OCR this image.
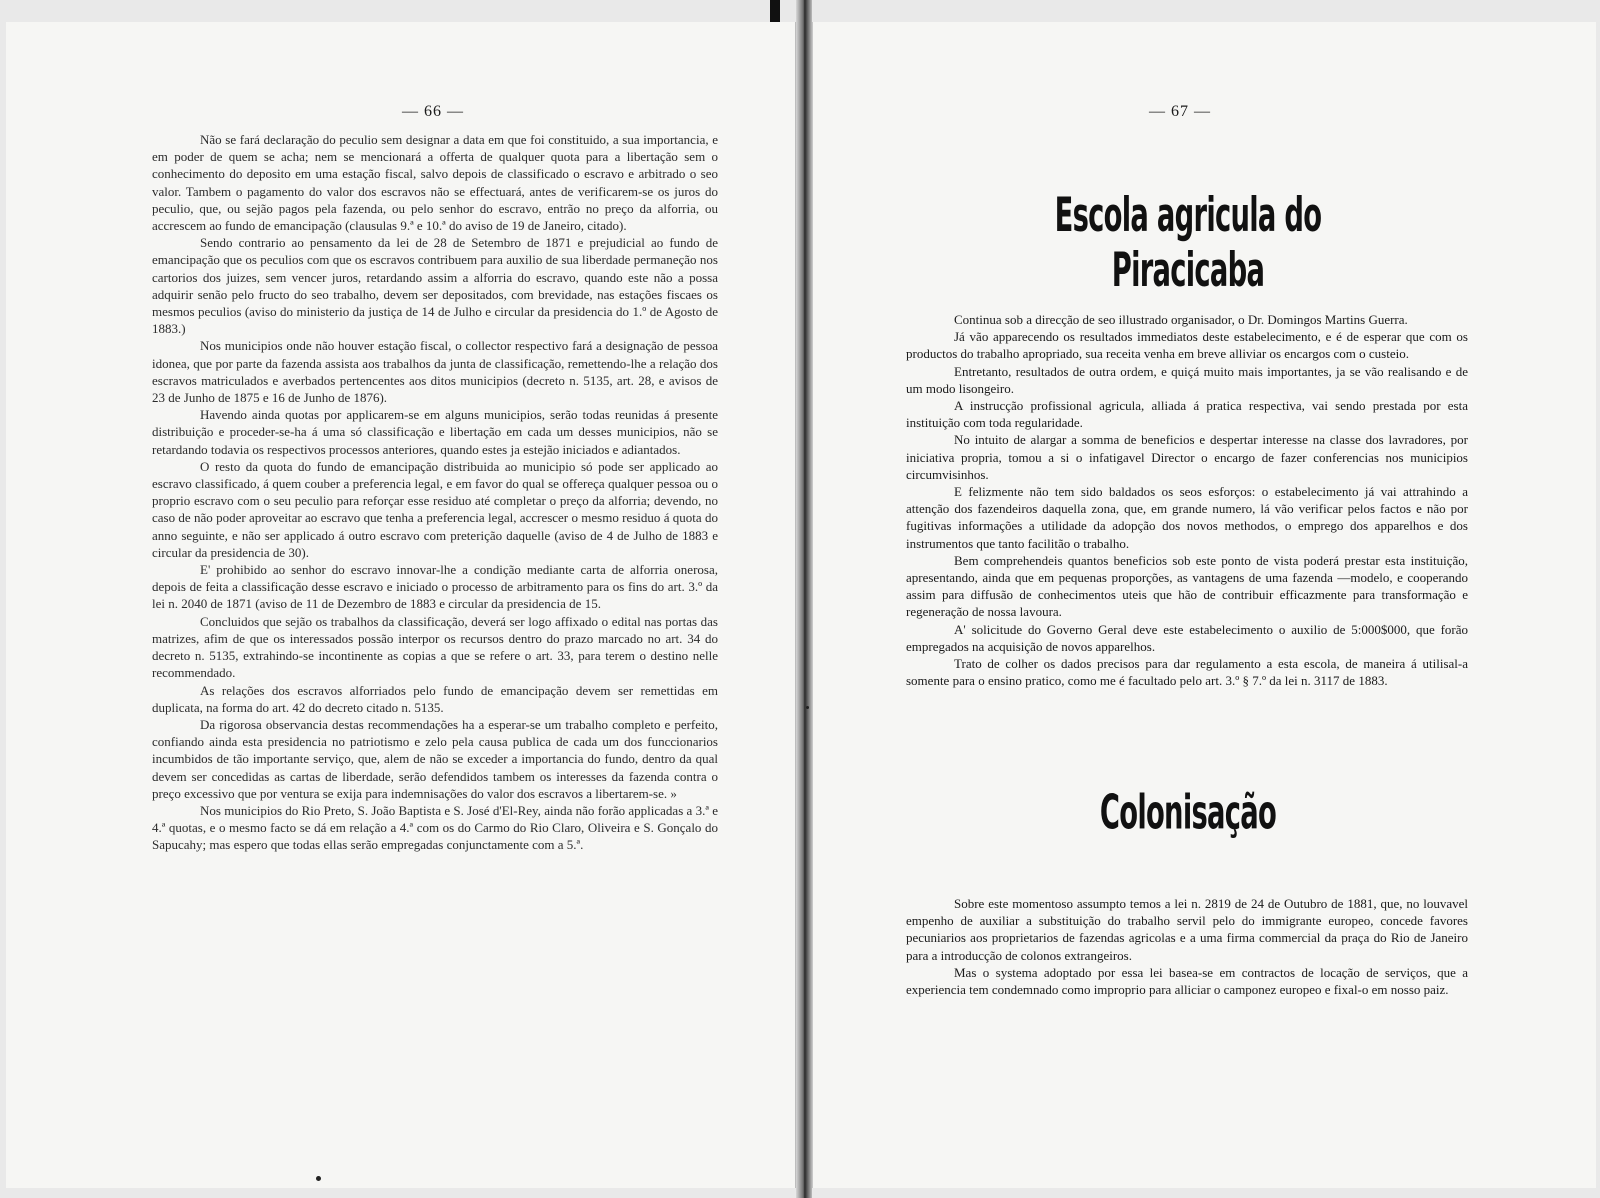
— 66 —	— 67 —

Não se fará declaração do peculio sem designar a data em que foi constituido, a sua importancia, e em poder de quem se acha; nem se mencionará a offerta de qualquer quota para a libertação sem o conhecimento do deposito em uma estação fiscal, salvo depois de classificado o escravo e arbitrado o seo valor. Tambem o pagamento do valor dos escravos não se effectuará, antes de verificarem-se os juros do peculio, que, ou sejão pagos pela fazenda, ou pelo senhor do escravo, entrão no preço da alforria, ou accrescem ao fundo de emancipação (clausulas 9.ª e 10.ª do aviso de 19 de Janeiro, citado).

Sendo contrario ao pensamento da lei de 28 de Setembro de 1871 e prejudicial ao fundo de emancipação que os peculios com que os escravos contribuem para auxilio de sua liberdade permaneção nos cartorios dos juizes, sem vencer juros, retardando assim a alforria do escravo, quando este não a possa adquirir senão pelo fructo do seo trabalho, devem ser depositados, com brevidade, nas estações fiscaes os mesmos peculios (aviso do ministerio da justiça de 14 de Julho e circular da presidencia do 1.º de Agosto de 1883.)

Nos municipios onde não houver estação fiscal, o collector respectivo fará a designação de pessoa idonea, que por parte da fazenda assista aos trabalhos da junta de classificação, remettendo-lhe a relação dos escravos matriculados e averbados pertencentes aos ditos municipios (decreto n. 5135, art. 28, e avisos de 23 de Junho de 1875 e 16 de Junho de 1876).

Havendo ainda quotas por applicarem-se em alguns municipios, serão todas reunidas á presente distribuição e proceder-se-ha á uma só classificação e libertação em cada um desses municipios, não se retardando todavia os respectivos processos anteriores, quando estes ja estejão iniciados e adiantados.

O resto da quota do fundo de emancipação distribuida ao municipio só pode ser applicado ao escravo classificado, á quem couber a preferencia legal, e em favor do qual se offereça qualquer pessoa ou o proprio escravo com o seu peculio para reforçar esse residuo até completar o preço da alforria; devendo, no caso de não poder aproveitar ao escravo que tenha a preferencia legal, accrescer o mesmo residuo á quota do anno seguinte, e não ser applicado á outro escravo com preterição daquelle (aviso de 4 de Julho de 1883 e circular da presidencia de 30).

E' prohibido ao senhor do escravo innovar-lhe a condição mediante carta de alforria onerosa, depois de feita a classificação desse escravo e iniciado o processo de arbitramento para os fins do art. 3.º da lei n. 2040 de 1871 (aviso de 11 de Dezembro de 1883 e circular da presidencia de 15.

Concluidos que sejão os trabalhos da classificação, deverá ser logo affixado o edital nas portas das matrizes, afim de que os interessados possão interpor os recursos dentro do prazo marcado no art. 34 do decreto n. 5135, extrahindo-se incontinente as copias a que se refere o art. 33, para terem o destino nelle recommendado.

As relações dos escravos alforriados pelo fundo de emancipação devem ser remettidas em duplicata, na forma do art. 42 do decreto citado n. 5135.

Da rigorosa observancia destas recommendações ha a esperar-se um trabalho completo e perfeito, confiando ainda esta presidencia no patriotismo e zelo pela causa publica de cada um dos funccionarios incumbidos de tão importante serviço, que, alem de não se exceder a importancia do fundo, dentro da qual devem ser concedidas as cartas de liberdade, serão defendidos tambem os interesses da fazenda contra o preço excessivo que por ventura se exija para indemnisações do valor dos escravos a libertarem-se. »

Nos municipios do Rio Preto, S. João Baptista e S. José d'El-Rey, ainda não forão applicadas a 3.ª e 4.ª quotas, e o mesmo facto se dá em relação a 4.ª com os do Carmo do Rio Claro, Oliveira e S. Gonçalo do Sapucahy; mas espero que todas ellas serão empregadas conjunctamente com a 5.ª.

Escola agricula do Piracicaba

Continua sob a direcção de seo illustrado organisador, o Dr. Domingos Martins Guerra.

Já vão apparecendo os resultados immediatos deste estabelecimento, e é de esperar que com os productos do trabalho apropriado, sua receita venha em breve alliviar os encargos com o custeio.

Entretanto, resultados de outra ordem, e quiçá muito mais importantes, ja se vão realisando e de um modo lisongeiro.

A instrucção profissional agricula, alliada á pratica respectiva, vai sendo prestada por esta instituição com toda regularidade.

No intuito de alargar a somma de beneficios e despertar interesse na classe dos lavradores, por iniciativa propria, tomou a si o infatigavel Director o encargo de fazer conferencias nos municipios circumvisinhos.

E felizmente não tem sido baldados os seos esforços: o estabelecimento já vai attrahindo a attenção dos fazendeiros daquella zona, que, em grande numero, lá vão verificar pelos factos e não por fugitivas informações a utilidade da adopção dos novos methodos, o emprego dos apparelhos e dos instrumentos que tanto facilitão o trabalho.

Bem comprehendeis quantos beneficios sob este ponto de vista poderá prestar esta instituição, apresentando, ainda que em pequenas proporções, as vantagens de uma fazenda —modelo, e cooperando assim para diffusão de conhecimentos uteis que hão de contribuir efficazmente para transformação e regeneração de nossa lavoura.

A' solicitude do Governo Geral deve este estabelecimento o auxilio de 5:000$000, que forão empregados na acquisição de novos apparelhos.

Trato de colher os dados precisos para dar regulamento a esta escola, de maneira á utilisal-a somente para o ensino pratico, como me é facultado pelo art. 3.º § 7.º da lei n. 3117 de 1883.

Colonisação

Sobre este momentoso assumpto temos a lei n. 2819 de 24 de Outubro de 1881, que, no louvavel empenho de auxiliar a substituição do trabalho servil pelo do immigrante europeo, concede favores pecuniarios aos proprietarios de fazendas agricolas e a uma firma commercial da praça do Rio de Janeiro para a introducção de colonos extrangeiros.

Mas o systema adoptado por essa lei basea-se em contractos de locação de serviços, que a experiencia tem condemnado como improprio para alliciar o camponez europeo e fixal-o em nosso paiz.
